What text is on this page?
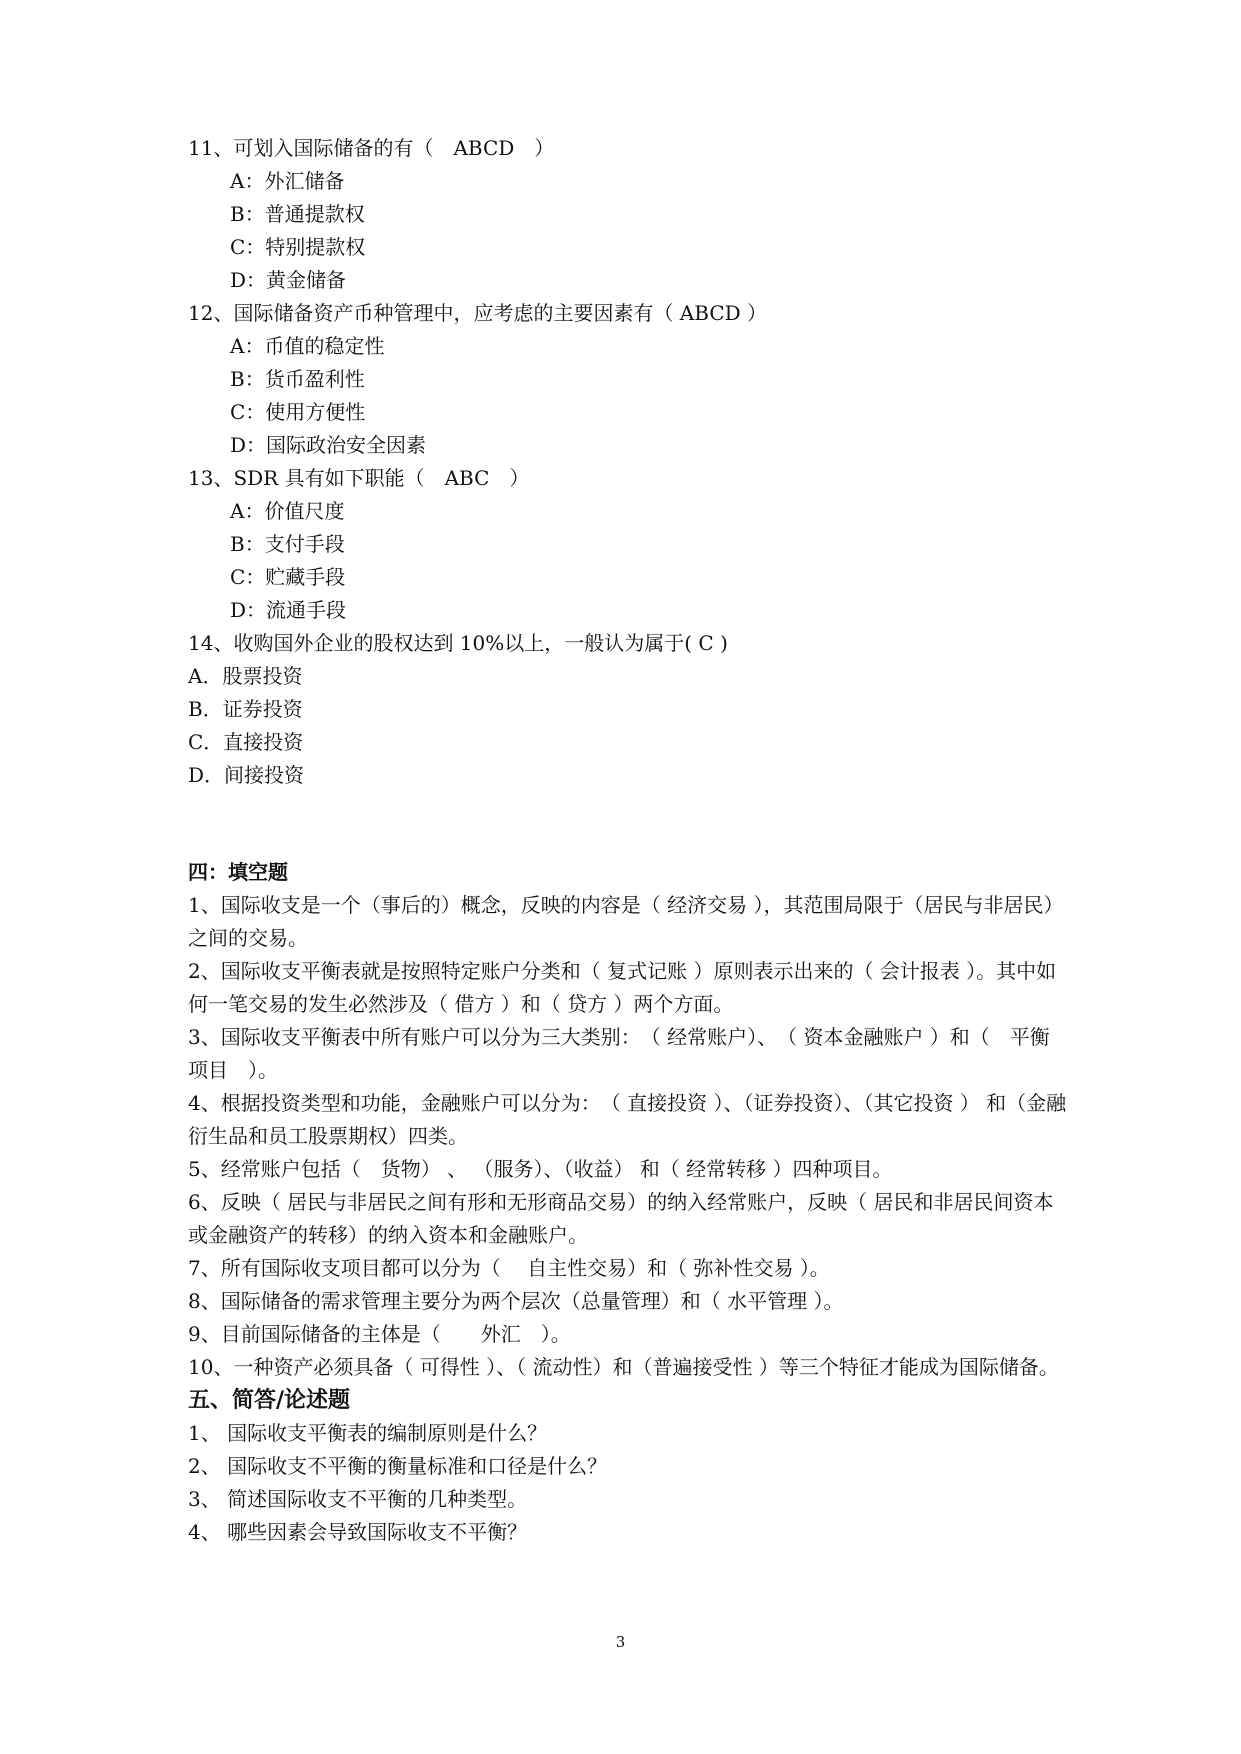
11、可划入国际储备的有（　ABCD　）
A：外汇储备
B：普通提款权
C：特别提款权
D：黄金储备
12、国际储备资产币种管理中，应考虑的主要因素有（ ABCD ）
A：币值的稳定性
B：货币盈利性
C：使用方便性
D：国际政治安全因素
13、SDR 具有如下职能（　ABC　）
A：价值尺度
B：支付手段
C：贮藏手段
D：流通手段
14、收购国外企业的股权达到 10%以上，一般认为属于( C )
A．股票投资
B．证券投资
C．直接投资
D．间接投资
四：填空题
1、国际收支是一个（事后的）概念，反映的内容是（ 经济交易 ），其范围局限于（居民与非居民）之间的交易。
2、国际收支平衡表就是按照特定账户分类和（ 复式记账 ）原则表示出来的（ 会计报表 ）。其中如何一笔交易的发生必然涉及（ 借方 ）和（ 贷方 ）两个方面。
3、国际收支平衡表中所有账户可以分为三大类别：　（ 经常账户）、　（ 资本金融账户 ）和（　平衡项目　）。
4、根据投资类型和功能，金融账户可以分为：　（ 直接投资 ）、（证券投资）、（其它投资 ） 和（金融衍生品和员工股票期权）四类。
5、经常账户包括（　货物） 、 （服务）、（收益） 和（ 经常转移 ）四种项目。
6、反映（ 居民与非居民之间有形和无形商品交易）的纳入经常账户，反映（ 居民和非居民间资本或金融资产的转移）的纳入资本和金融账户。
7、所有国际收支项目都可以分为（　 自主性交易）和（ 弥补性交易 ）。
8、国际储备的需求管理主要分为两个层次（总量管理）和（ 水平管理 ）。
9、目前国际储备的主体是（　　外汇　）。
10、一种资产必须具备（ 可得性 ）、（ 流动性）和（普遍接受性 ）等三个特征才能成为国际储备。
五、简答/论述题
1、 国际收支平衡表的编制原则是什么？
2、 国际收支不平衡的衡量标准和口径是什么？
3、 简述国际收支不平衡的几种类型。
4、 哪些因素会导致国际收支不平衡？
3
